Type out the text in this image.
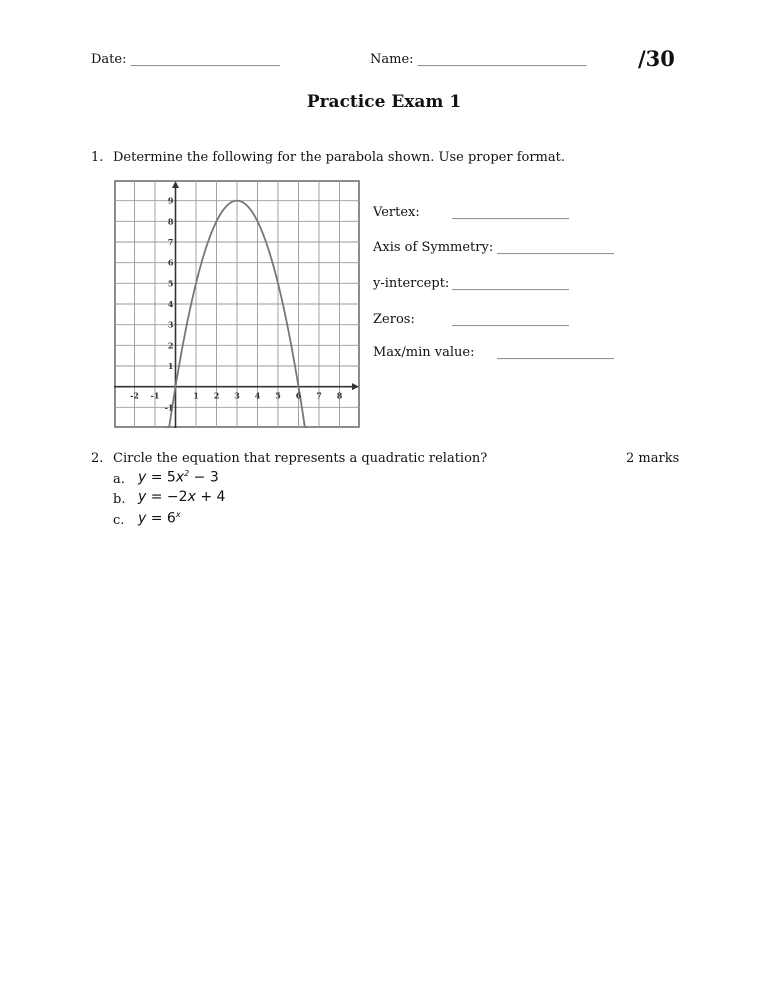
Date: _______________________	Name: __________________________ /30
Practice Exam 1
1. Determine the following for the parabola shown. Use proper format.
-2 -1	1 2 3 4 5 6 7 8
-1
1
2
3
4
5
6
7
8
9
Vertex: __________________
Axis of Symmetry: __________________
y-intercept: __________________
Zeros:	__________________
Max/min value: __________________
2. Circle the equation that represents a quadratic relation?	2 marks
a. $y = 5x^2 - 3$
b. y = −2x + 4
c. $y = 6^x$
